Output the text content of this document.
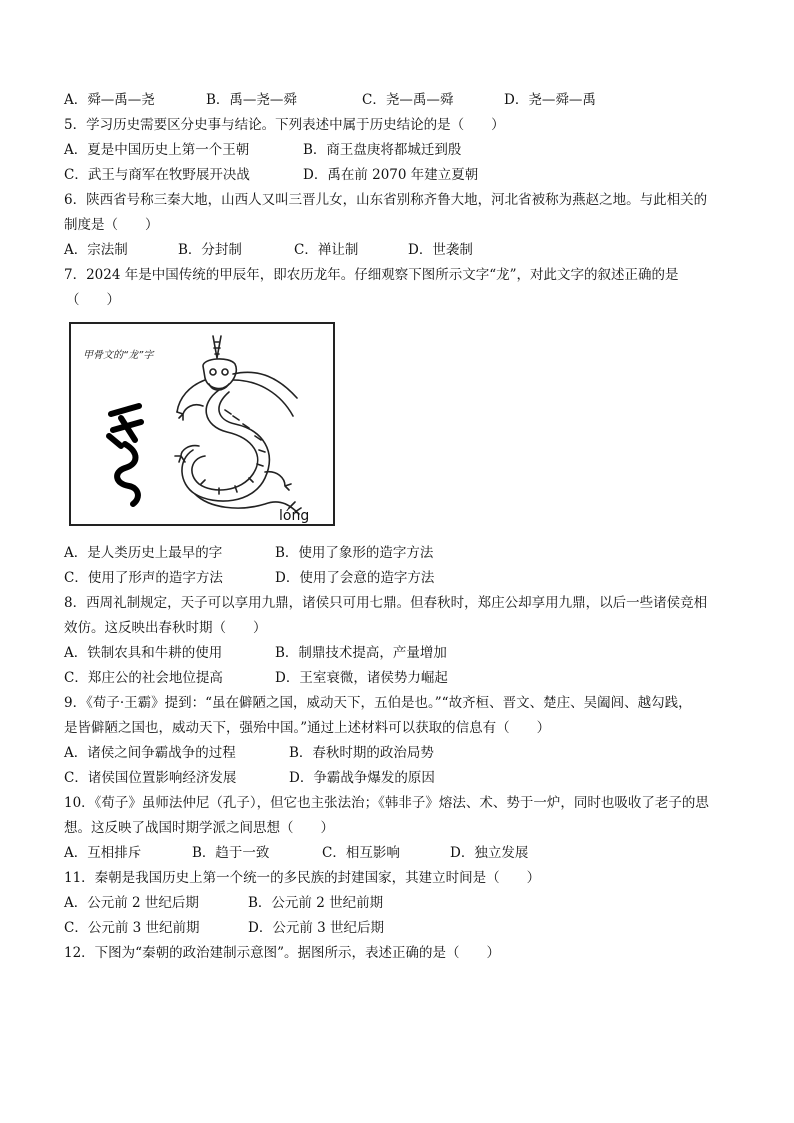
A．舜—禹—尧	B．禹—尧—舜	C．尧—禹—舜	D．尧—舜—禹
5．学习历史需要区分史事与结论。下列表述中属于历史结论的是（　　）
A．夏是中国历史上第一个王朝	B．商王盘庚将都城迁到殷
C．武王与商军在牧野展开决战	D．禹在前 2070 年建立夏朝
6．陕西省号称三秦大地，山西人又叫三晋儿女，山东省别称齐鲁大地，河北省被称为燕赵之地。与此相关的
制度是（　　）
A．宗法制	B．分封制	C．禅让制	D．世袭制
7．2024 年是中国传统的甲辰年，即农历龙年。仔细观察下图所示文字“龙”，对此文字的叙述正确的是
（　　）
甲骨文的“龙”字
lóng
A．是人类历史上最早的字	B．使用了象形的造字方法
C．使用了形声的造字方法	D．使用了会意的造字方法
8．西周礼制规定，天子可以享用九鼎，诸侯只可用七鼎。但春秋时，郑庄公却享用九鼎，以后一些诸侯竞相
效仿。这反映出春秋时期（　　）
A．铁制农具和牛耕的使用	B．制鼎技术提高，产量增加
C．郑庄公的社会地位提高	D．王室衰微，诸侯势力崛起
9．《荀子·王霸》提到：“虽在僻陋之国，威动天下，五伯是也。”“故齐桓、晋文、楚庄、吴阖闾、越勾践，
是皆僻陋之国也，威动天下，强殆中国。”通过上述材料可以获取的信息有（　　）
A．诸侯之间争霸战争的过程	B．春秋时期的政治局势
C．诸侯国位置影响经济发展	D．争霸战争爆发的原因
10．《荀子》虽师法仲尼（孔子），但它也主张法治；《韩非子》熔法、术、势于一炉，同时也吸收了老子的思
想。这反映了战国时期学派之间思想（　　）
A．互相排斥	B．趋于一致	C．相互影响	D．独立发展
11．秦朝是我国历史上第一个统一的多民族的封建国家，其建立时间是（　　）
A．公元前 2 世纪后期	B．公元前 2 世纪前期
C．公元前 3 世纪前期	D．公元前 3 世纪后期
12．下图为“秦朝的政治建制示意图”。据图所示，表述正确的是（　　）
